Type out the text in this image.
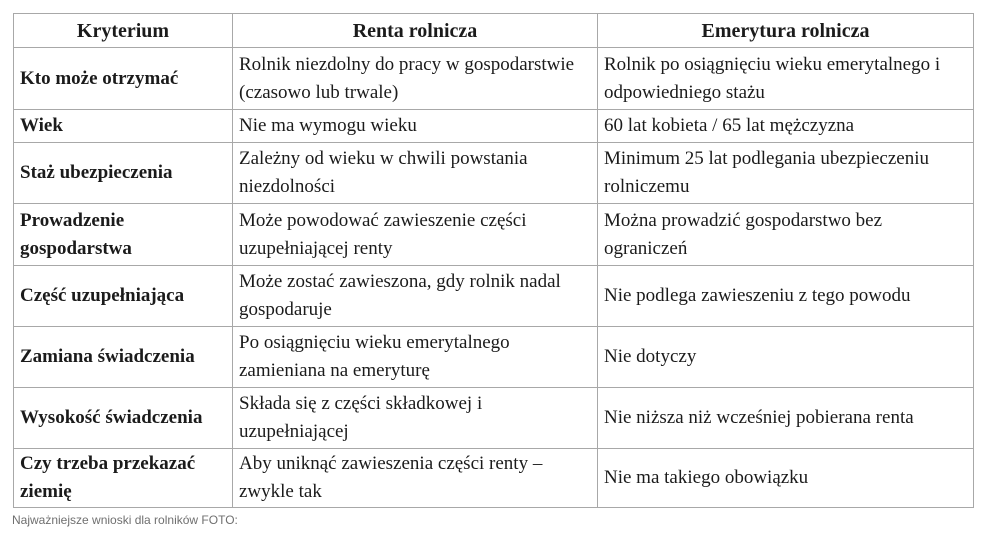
Kryterium	Renta rolnicza	Emerytura rolnicza
Kto może otrzymać	Rolnik niezdolny do pracy w gospodarstwie (czasowo lub trwale)	Rolnik po osiągnięciu wieku emerytalnego i odpowiedniego stażu
Wiek	Nie ma wymogu wieku	60 lat kobieta / 65 lat mężczyzna
Staż ubezpieczenia	Zależny od wieku w chwili powstania niezdolności	Minimum 25 lat podlegania ubezpieczeniu rolniczemu
Prowadzenie gospodarstwa	Może powodować zawieszenie części uzupełniającej renty	Można prowadzić gospodarstwo bez ograniczeń
Część uzupełniająca	Może zostać zawieszona, gdy rolnik nadal gospodaruje	Nie podlega zawieszeniu z tego powodu
Zamiana świadczenia	Po osiągnięciu wieku emerytalnego zamieniana na emeryturę	Nie dotyczy
Wysokość świadczenia	Składa się z części składkowej i uzupełniającej	Nie niższa niż wcześniej pobierana renta
Czy trzeba przekazać ziemię	Aby uniknąć zawieszenia części renty – zwykle tak	Nie ma takiego obowiązku
Najważniejsze wnioski dla rolników FOTO:
